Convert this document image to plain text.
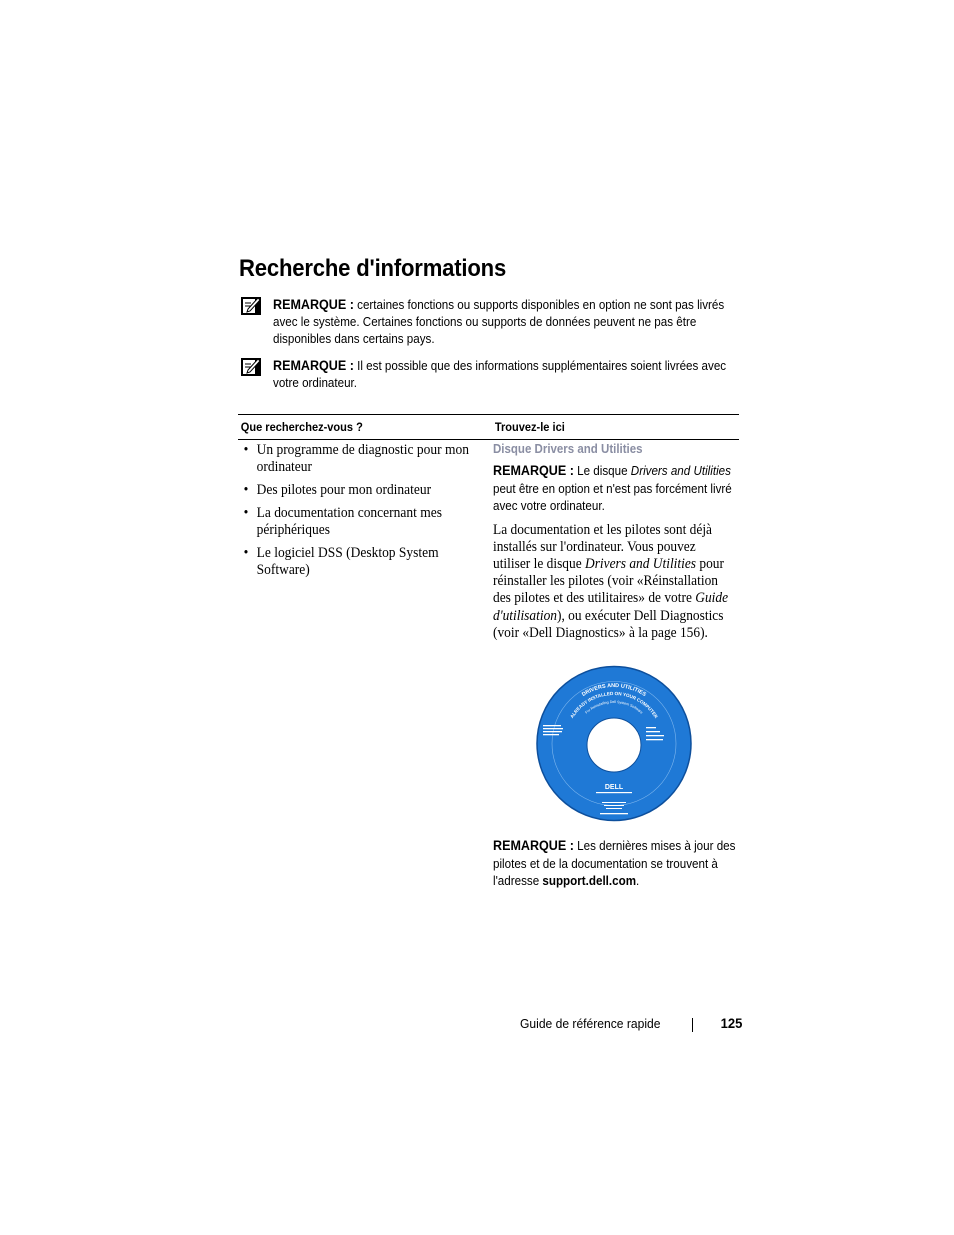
Recherche d'informations
REMARQUE : certaines fonctions ou supports disponibles en option ne sont pas livrés avec le système. Certaines fonctions ou supports de données peuvent ne pas être disponibles dans certains pays.
REMARQUE : Il est possible que des informations supplémentaires soient livrées avec votre ordinateur.
Que recherchez-vous ?	Trouvez-le ici
• Un programme de diagnostic pour mon ordinateur
• Des pilotes pour mon ordinateur
• La documentation concernant mes périphériques
• Le logiciel DSS (Desktop System Software)
Disque Drivers and Utilities
REMARQUE : Le disque Drivers and Utilities peut être en option et n'est pas forcément livré avec votre ordinateur.
La documentation et les pilotes sont déjà installés sur l'ordinateur. Vous pouvez utiliser le disque Drivers and Utilities pour réinstaller les pilotes (voir «Réinstallation des pilotes et des utilitaires» de votre Guide d'utilisation), ou exécuter Dell Diagnostics (voir «Dell Diagnostics» à la page 156).
DRIVERS AND UTILITIES
ALREADY INSTALLED ON YOUR COMPUTER
For Reinstalling Dell System Software
DELL
REMARQUE : Les dernières mises à jour des pilotes et de la documentation se trouvent à l'adresse support.dell.com.
Guide de référence rapide	125
